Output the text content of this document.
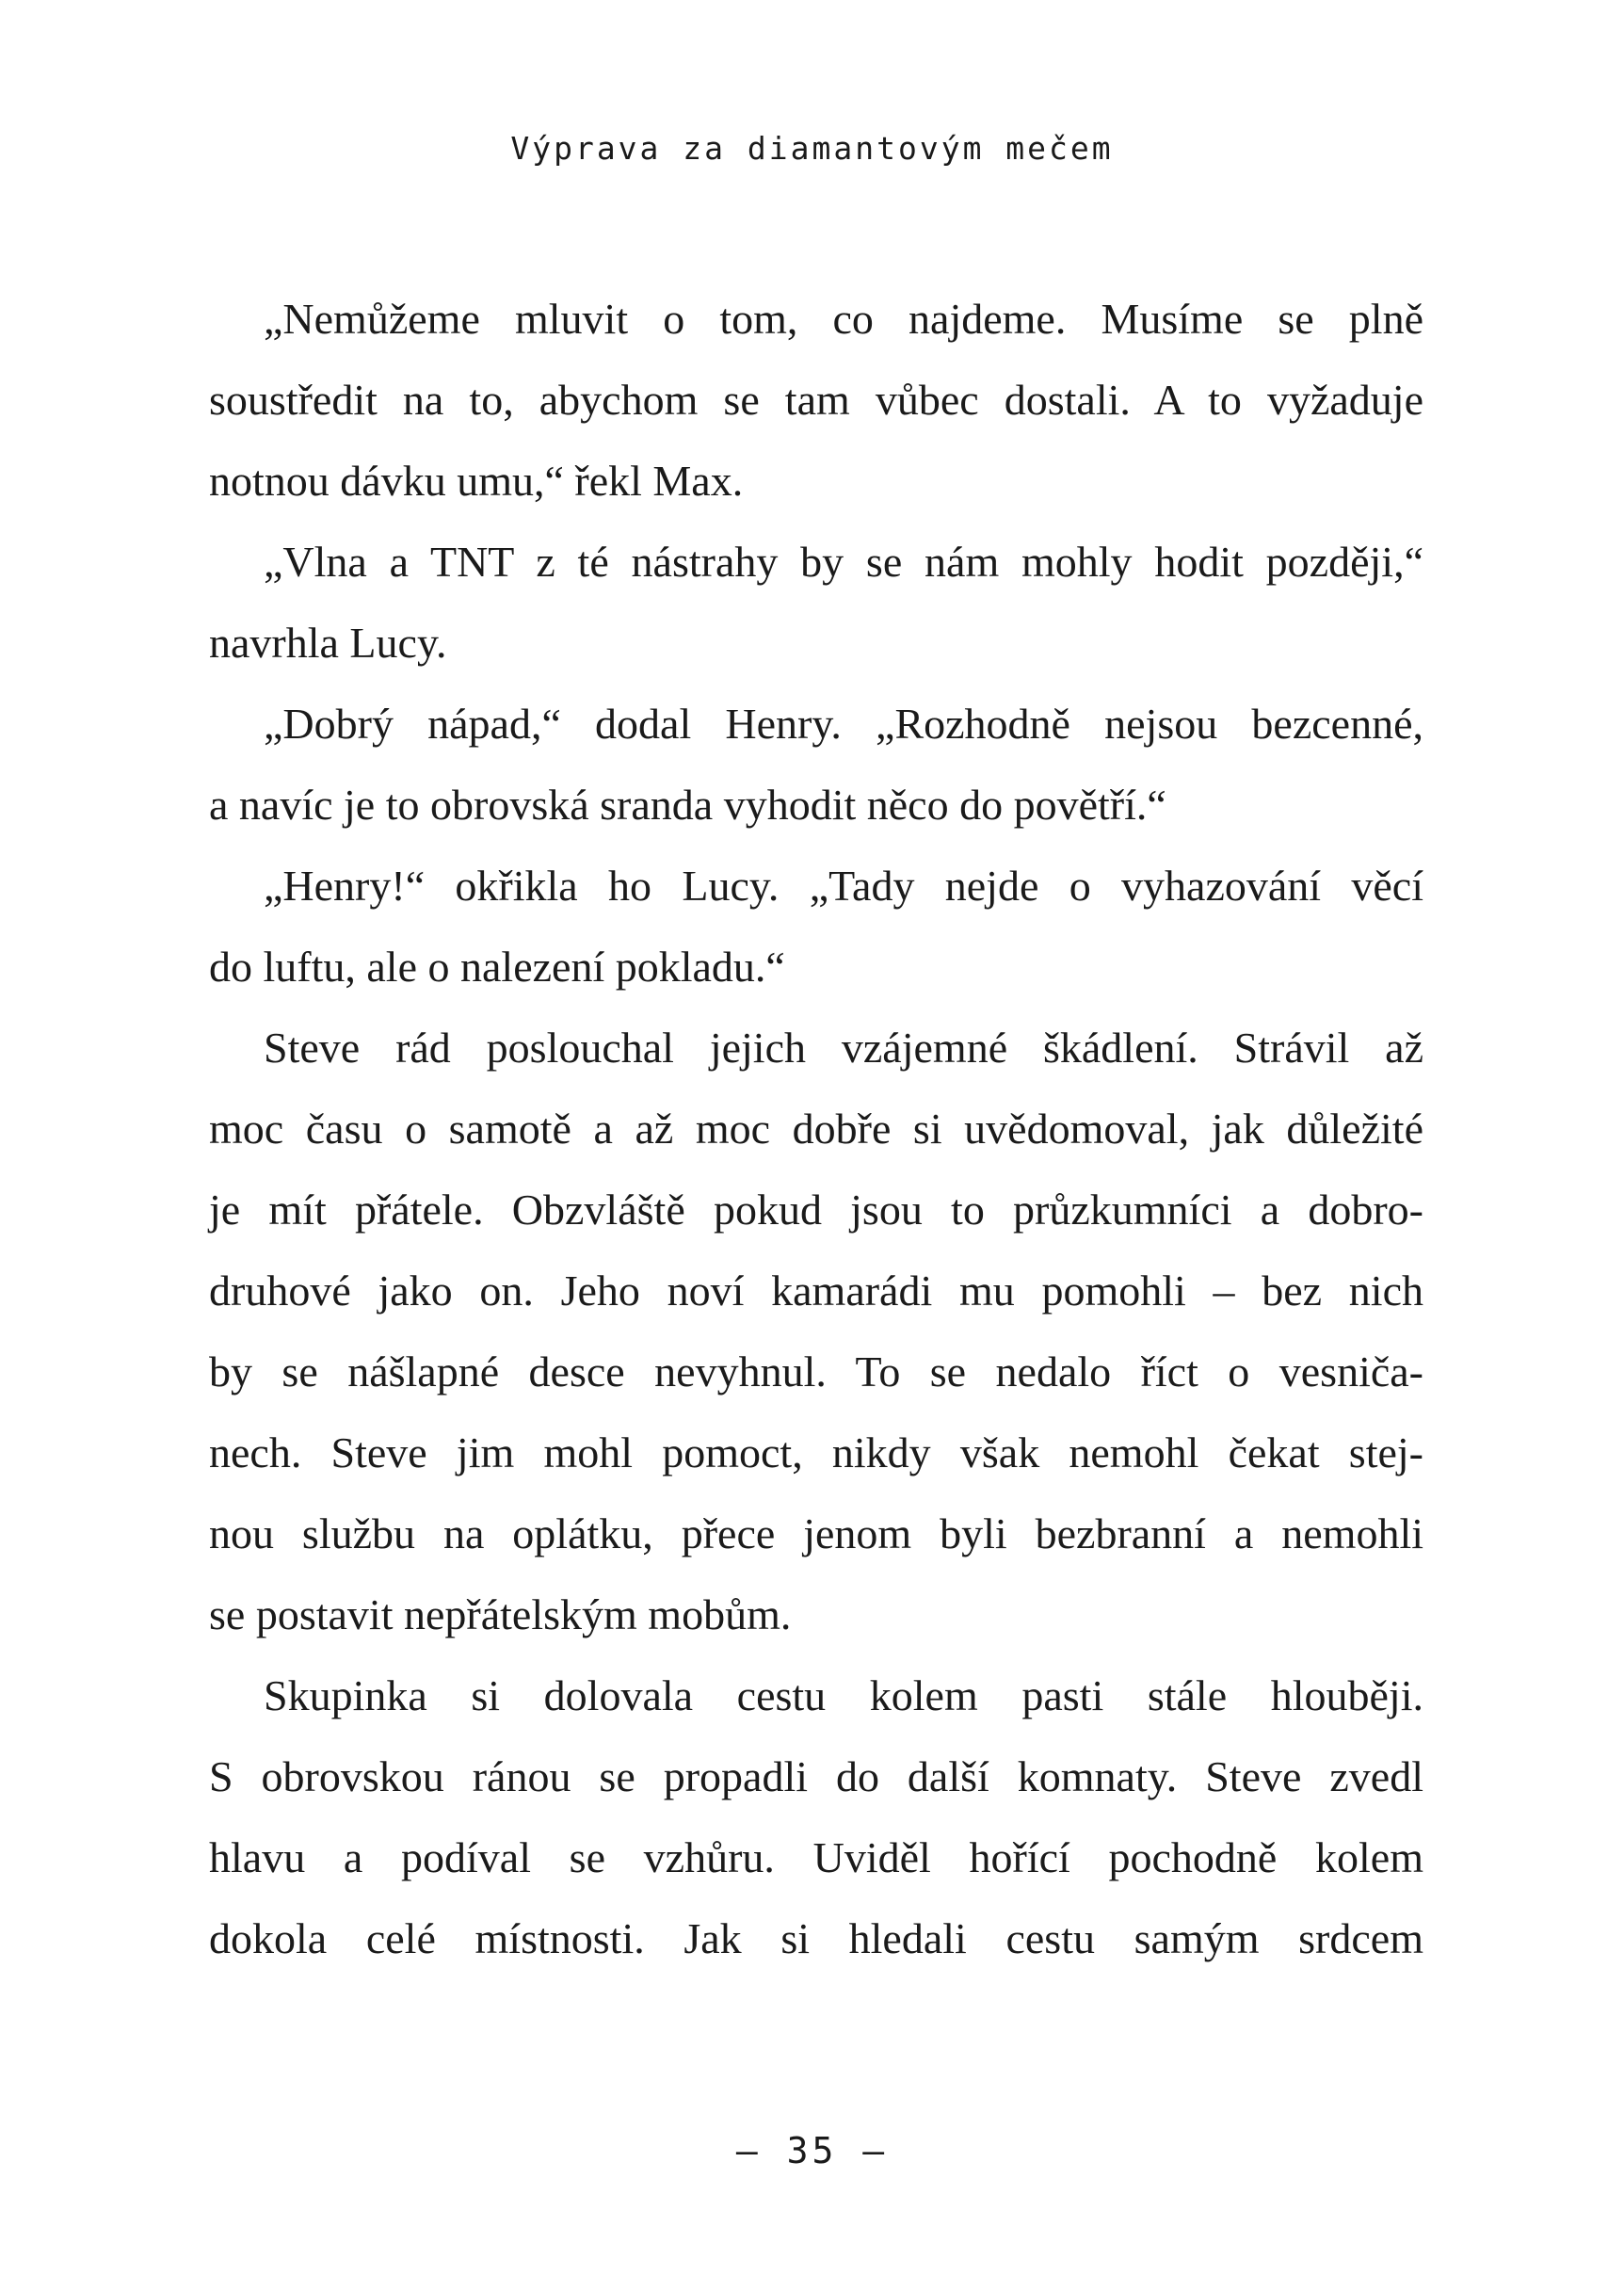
Výprava za diamantovým mečem
„Nemůžeme mluvit o tom, co najdeme. Musíme se plně
soustředit na to, abychom se tam vůbec dostali. A to vyžaduje
notnou dávku umu,“ řekl Max.
„Vlna a TNT z té nástrahy by se nám mohly hodit později,“
navrhla Lucy.
„Dobrý nápad,“ dodal Henry. „Rozhodně nejsou bezcenné,
a navíc je to obrovská sranda vyhodit něco do povětří.“
„Henry!“ okřikla ho Lucy. „Tady nejde o vyhazování věcí
do luftu, ale o nalezení pokladu.“
Steve rád poslouchal jejich vzájemné škádlení. Strávil až
moc času o samotě a až moc dobře si uvědomoval, jak důležité
je mít přátele. Obzvláště pokud jsou to průzkumníci a dobro-
druhové jako on. Jeho noví kamarádi mu pomohli – bez nich
by se nášlapné desce nevyhnul. To se nedalo říct o vesniča-
nech. Steve jim mohl pomoct, nikdy však nemohl čekat stej-
nou službu na oplátku, přece jenom byli bezbranní a nemohli
se postavit nepřátelským mobům.
Skupinka si dolovala cestu kolem pasti stále hlouběji.
S obrovskou ránou se propadli do další komnaty. Steve zvedl
hlavu a podíval se vzhůru. Uviděl hořící pochodně kolem
dokola celé místnosti. Jak si hledali cestu samým srdcem
– 35 –
